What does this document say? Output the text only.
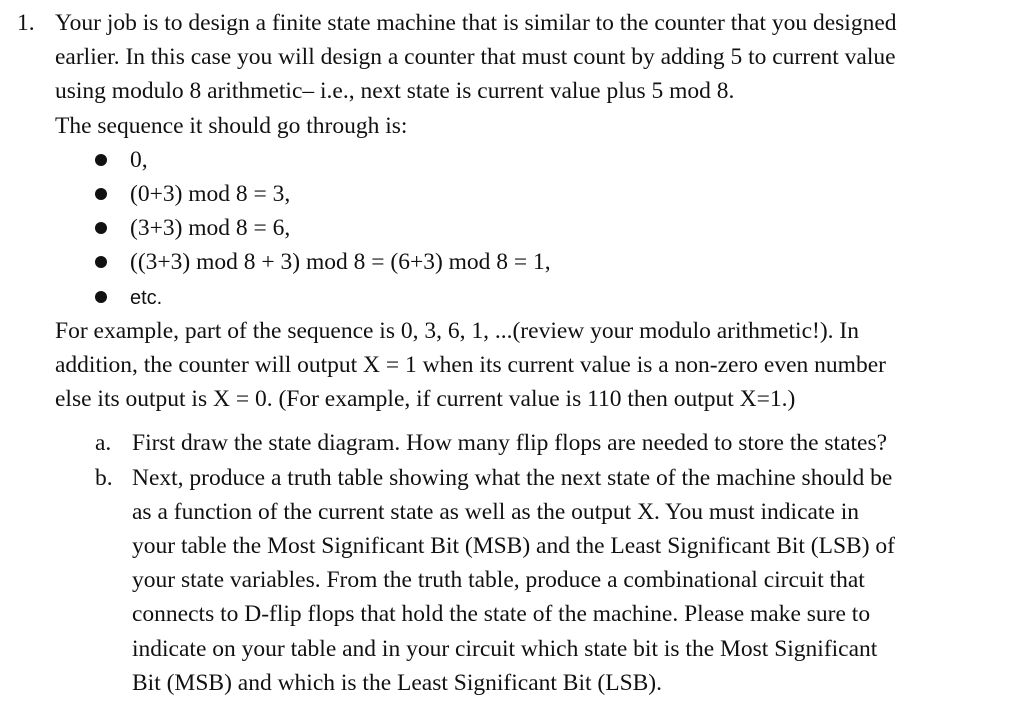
1. Your job is to design a finite state machine that is similar to the counter that you designed
earlier. In this case you will design a counter that must count by adding 5 to current value
using modulo 8 arithmetic– i.e., next state is current value plus 5 mod 8.
The sequence it should go through is:

0,
(0+3) mod 8 = 3,
(3+3) mod 8 = 6,
((3+3) mod 8 + 3) mod 8 = (6+3) mod 8 = 1,
etc.

For example, part of the sequence is 0, 3, 6, 1, ...(review your modulo arithmetic!). In
addition, the counter will output X = 1 when its current value is a non-zero even number
else its output is X = 0. (For example, if current value is 110 then output X=1.)

a. First draw the state diagram. How many flip flops are needed to store the states?
b. Next, produce a truth table showing what the next state of the machine should be
as a function of the current state as well as the output X. You must indicate in
your table the Most Significant Bit (MSB) and the Least Significant Bit (LSB) of
your state variables. From the truth table, produce a combinational circuit that
connects to D-flip flops that hold the state of the machine. Please make sure to
indicate on your table and in your circuit which state bit is the Most Significant
Bit (MSB) and which is the Least Significant Bit (LSB).
